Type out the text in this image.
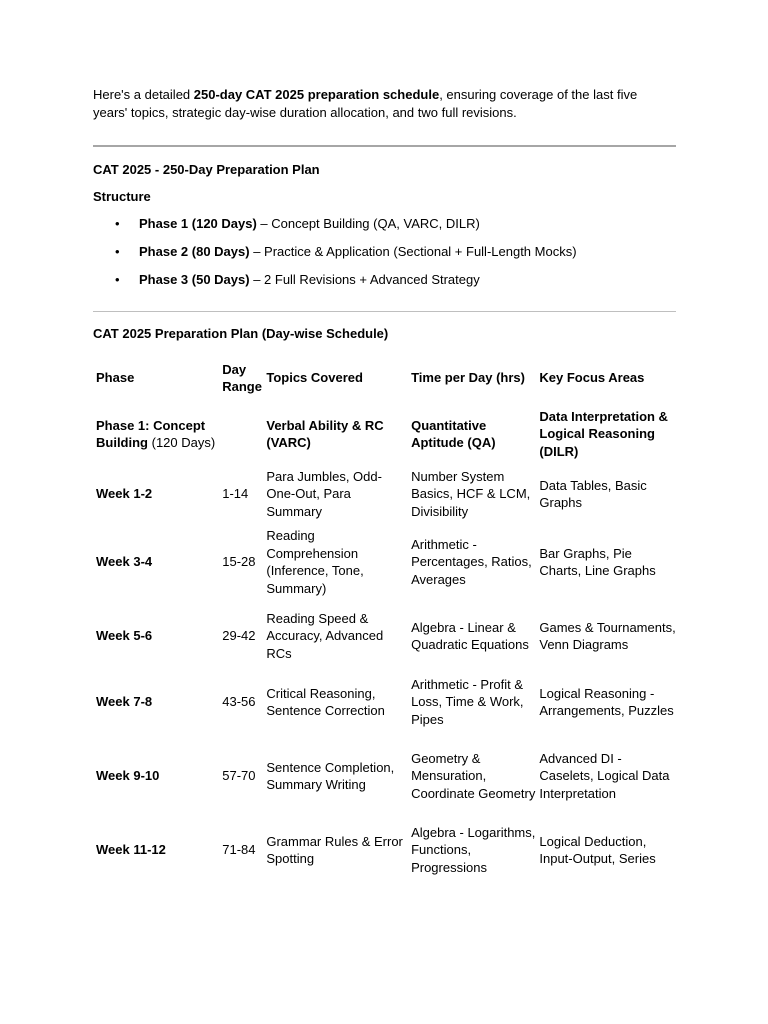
Here's a detailed 250-day CAT 2025 preparation schedule, ensuring coverage of the last five years' topics, strategic day-wise duration allocation, and two full revisions.

CAT 2025 - 250-Day Preparation Plan
Structure
• Phase 1 (120 Days) – Concept Building (QA, VARC, DILR)
• Phase 2 (80 Days) – Practice & Application (Sectional + Full-Length Mocks)
• Phase 3 (50 Days) – 2 Full Revisions + Advanced Strategy
CAT 2025 Preparation Plan (Day-wise Schedule)
Phase	Day Range	Topics Covered	Time per Day (hrs)	Key Focus Areas
Phase 1: Concept Building (120 Days)		Verbal Ability & RC (VARC)	Quantitative Aptitude (QA)	Data Interpretation & Logical Reasoning (DILR)
Week 1-2	1-14	Para Jumbles, Odd-One-Out, Para Summary	Number System Basics, HCF & LCM, Divisibility	Data Tables, Basic Graphs
Week 3-4	15-28	Reading Comprehension (Inference, Tone, Summary)	Arithmetic - Percentages, Ratios, Averages	Bar Graphs, Pie Charts, Line Graphs
Week 5-6	29-42	Reading Speed & Accuracy, Advanced RCs	Algebra - Linear & Quadratic Equations	Games & Tournaments, Venn Diagrams
Week 7-8	43-56	Critical Reasoning, Sentence Correction	Arithmetic - Profit & Loss, Time & Work, Pipes	Logical Reasoning - Arrangements, Puzzles
Week 9-10	57-70	Sentence Completion, Summary Writing	Geometry & Mensuration, Coordinate Geometry	Advanced DI - Caselets, Logical Data Interpretation
Week 11-12	71-84	Grammar Rules & Error Spotting	Algebra - Logarithms, Functions, Progressions	Logical Deduction, Input-Output, Series
